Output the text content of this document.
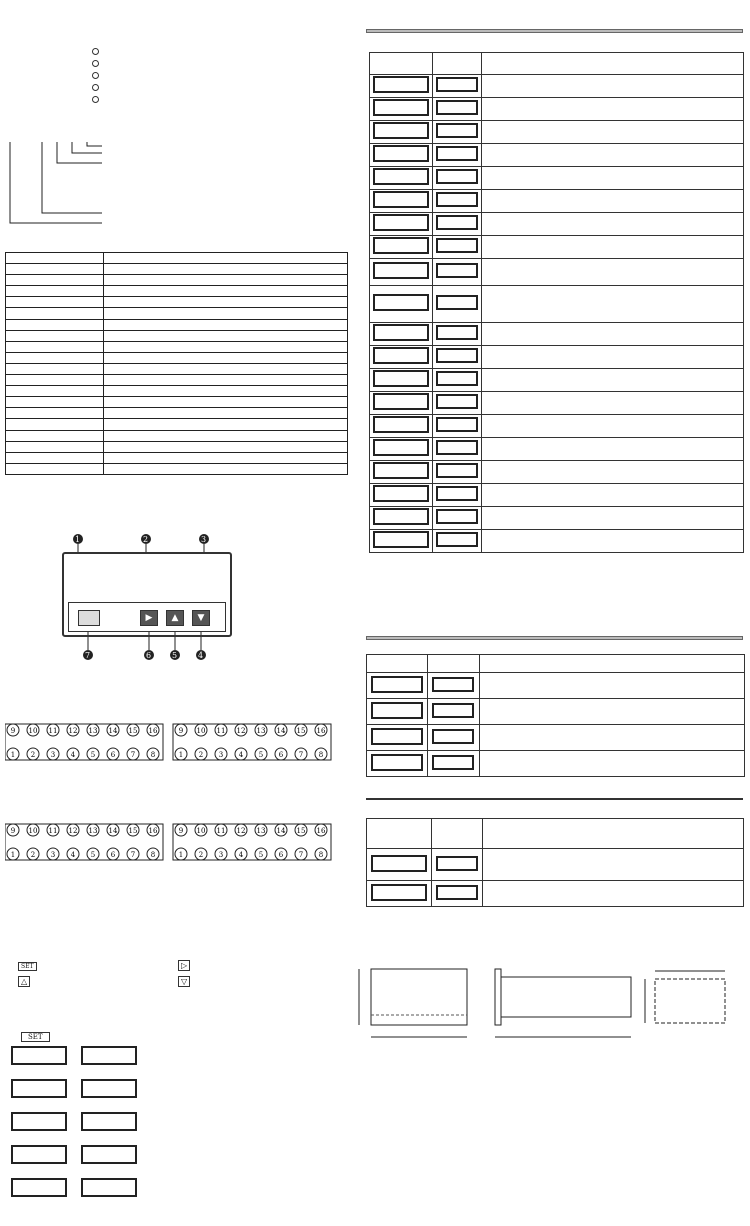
1	2	3
7	6	5	4
▶	▲	▼
9
1
10
2
11
3
12
4
13
5
14
6
15
7
16
8
9
1
10
2
11
3
12
4
13
5
14
6
15
7
16
8
9
1
10
2
11
3
12
4
13
5
14
6
15
7
16
8
9
1
10
2
11
3
12
4
13
5
14
6
15
7
16
8
SET	▷
△	▽
SET
